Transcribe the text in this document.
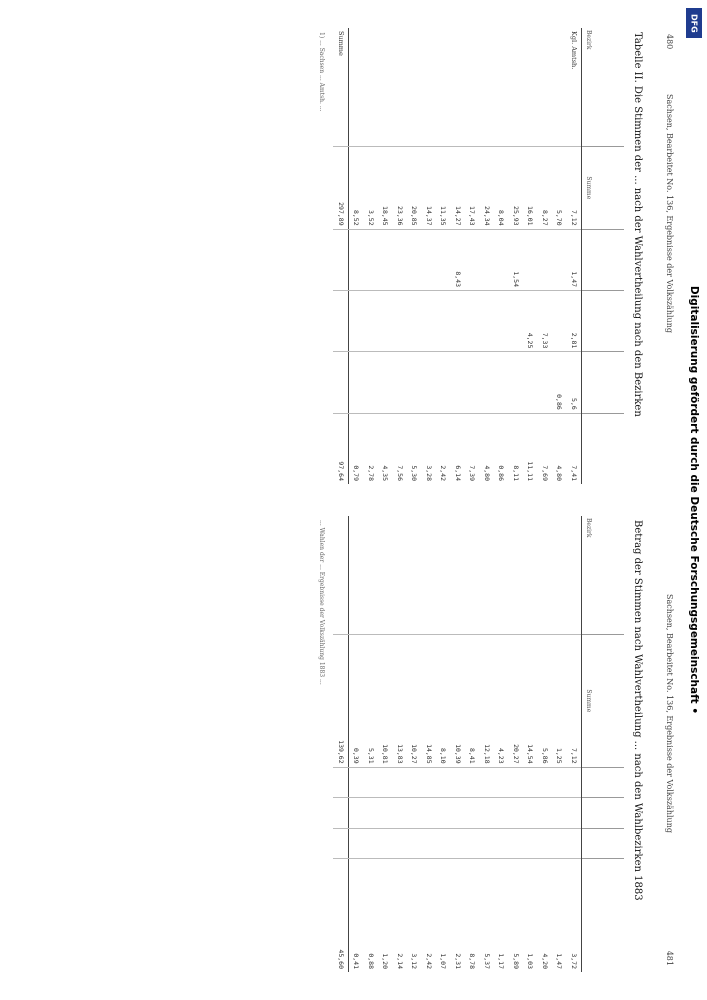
480
Sachsen, Bearbeitet No. 136, Ergebnisse der Volkszählung
Sachsen, Bearbeitet No. 136, Ergebnisse der Volkszählung
481
Tabelle II. Die Stimmen der ... nach der Wahlvertheilung nach den Bezirken
Bezirk	Summe				
Kgl. Amtsh.	7,12	1,47	2,81	5,6	7,41
	5,70			0,86	4,80
	8,27		7,33		7,69
	16,01		4,25		11,11
	25,93	1,54			8,11
	8,04				0,86
	24,34				4,80
	17,43				7,39
	14,27	8,43			6,14
	11,35				2,42
	14,37				3,28
	20,85				5,30
	23,36				7,56
	18,45				4,35
	3,52				2,78
	8,52				0,79
Summe	297,89				97,64
1) ... Sachsen ... Amtsh. ...
Betrag der Stimmen nach Wahlvertheilung ... nach den Wahlbezirken 1883
Bezirk	Summe				
	7,12				3,72
	1,25				1,47
	5,86				4,20
	14,54				1,03
	20,27				5,89
	4,23				1,17
	12,18				5,37
	8,41				8,78
	10,39				2,31
	8,10				1,07
	14,85				2,42
	10,27				3,12
	13,83				2,14
	10,81				1,20
	5,31				0,88
	0,39				0,41
	139,62				45,60
... Wahlen der ... Ergebnisse der Volkszählung 1883 ...
DFG
Digitalisierung gefördert durch die Deutsche Forschungsgemeinschaft •
